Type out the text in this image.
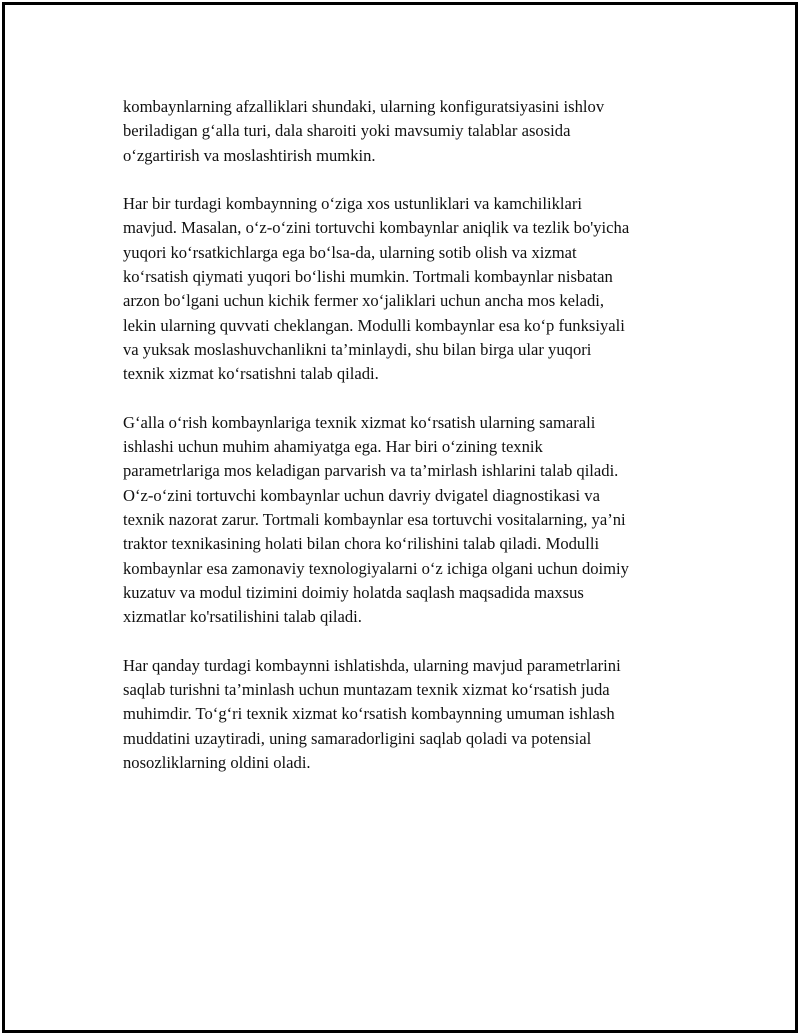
kombaynlarning afzalliklari shundaki, ularning konfiguratsiyasini ishlov
beriladigan g‘alla turi, dala sharoiti yoki mavsumiy talablar asosida
o‘zgartirish va moslashtirish mumkin.

Har bir turdagi kombaynning o‘ziga xos ustunliklari va kamchiliklari
mavjud. Masalan, o‘z-o‘zini tortuvchi kombaynlar aniqlik va tezlik bo'yicha
yuqori ko‘rsatkichlarga ega bo‘lsa-da, ularning sotib olish va xizmat
ko‘rsatish qiymati yuqori bo‘lishi mumkin. Tortmali kombaynlar nisbatan
arzon bo‘lgani uchun kichik fermer xo‘jaliklari uchun ancha mos keladi,
lekin ularning quvvati cheklangan. Modulli kombaynlar esa ko‘p funksiyali
va yuksak moslashuvchanlikni ta’minlaydi, shu bilan birga ular yuqori
texnik xizmat ko‘rsatishni talab qiladi.

G‘alla o‘rish kombaynlariga texnik xizmat ko‘rsatish ularning samarali
ishlashi uchun muhim ahamiyatga ega. Har biri o‘zining texnik
parametrlariga mos keladigan parvarish va ta’mirlash ishlarini talab qiladi.
O‘z-o‘zini tortuvchi kombaynlar uchun davriy dvigatel diagnostikasi va
texnik nazorat zarur. Tortmali kombaynlar esa tortuvchi vositalarning, ya’ni
traktor texnikasining holati bilan chora ko‘rilishini talab qiladi. Modulli
kombaynlar esa zamonaviy texnologiyalarni o‘z ichiga olgani uchun doimiy
kuzatuv va modul tizimini doimiy holatda saqlash maqsadida maxsus
xizmatlar ko'rsatilishini talab qiladi.

Har qanday turdagi kombaynni ishlatishda, ularning mavjud parametrlarini
saqlab turishni ta’minlash uchun muntazam texnik xizmat ko‘rsatish juda
muhimdir. To‘g‘ri texnik xizmat ko‘rsatish kombaynning umuman ishlash
muddatini uzaytiradi, uning samaradorligini saqlab qoladi va potensial
nosozliklarning oldini oladi.
